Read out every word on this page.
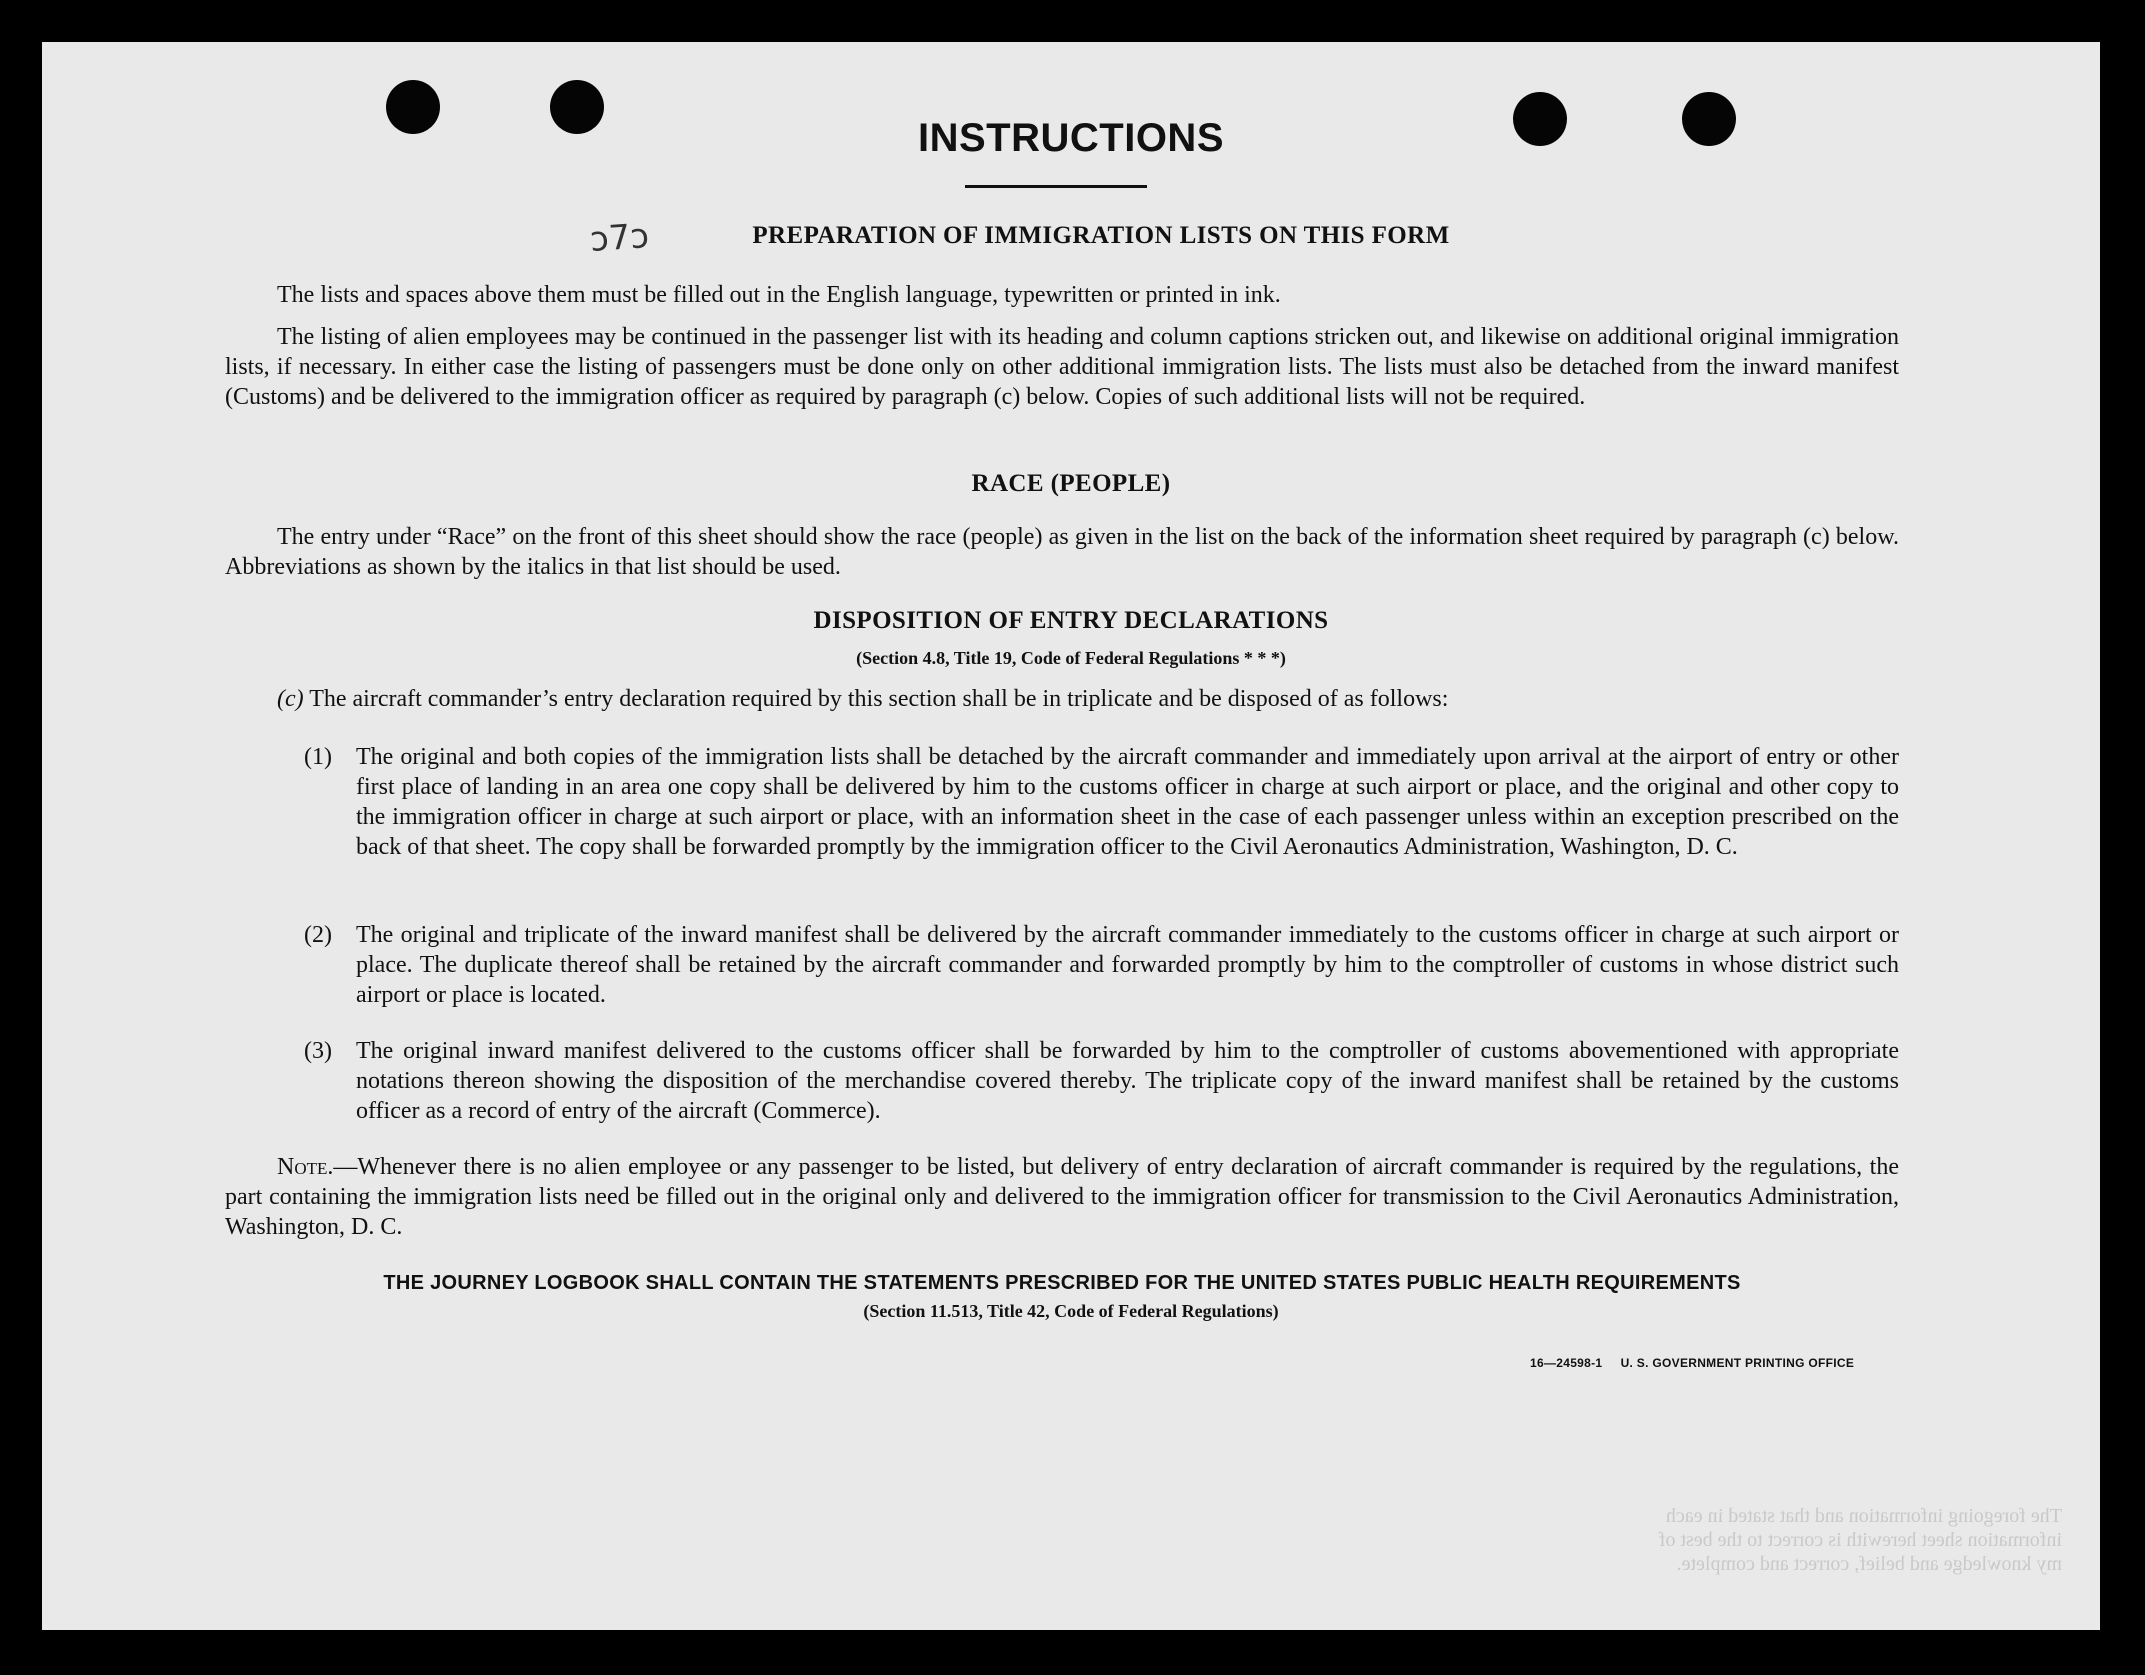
INSTRUCTIONS
ↄ7ↄ	PREPARATION OF IMMIGRATION LISTS ON THIS FORM

The lists and spaces above them must be filled out in the English language, typewritten or printed in ink.

The listing of alien employees may be continued in the passenger list with its heading and column captions stricken out, and likewise on additional original immigration lists, if necessary. In either case the listing of passengers must be done only on other additional immigration lists. The lists must also be detached from the inward manifest (Customs) and be delivered to the immigration officer as required by paragraph (c) below. Copies of such additional lists will not be required.

RACE (PEOPLE)

The entry under “Race” on the front of this sheet should show the race (people) as given in the list on the back of the information sheet required by paragraph (c) below. Abbreviations as shown by the italics in that list should be used.

DISPOSITION OF ENTRY DECLARATIONS
(Section 4.8, Title 19, Code of Federal Regulations * * *)

(c) The aircraft commander’s entry declaration required by this section shall be in triplicate and be disposed of as follows:

(1) The original and both copies of the immigration lists shall be detached by the aircraft commander and immediately upon arrival at the airport of entry or other first place of landing in an area one copy shall be delivered by him to the customs officer in charge at such airport or place, and the original and other copy to the immigration officer in charge at such airport or place, with an information sheet in the case of each passenger unless within an exception prescribed on the back of that sheet. The copy shall be forwarded promptly by the immigration officer to the Civil Aeronautics Administration, Washington, D. C.

(2) The original and triplicate of the inward manifest shall be delivered by the aircraft commander immediately to the customs officer in charge at such airport or place. The duplicate thereof shall be retained by the aircraft commander and forwarded promptly by him to the comptroller of customs in whose district such airport or place is located.

(3) The original inward manifest delivered to the customs officer shall be forwarded by him to the comptroller of customs abovementioned with appropriate notations thereon showing the disposition of the merchandise covered thereby. The triplicate copy of the inward manifest shall be retained by the customs officer as a record of entry of the aircraft (Commerce).

Note.—Whenever there is no alien employee or any passenger to be listed, but delivery of entry declaration of aircraft commander is required by the regulations, the part containing the immigration lists need be filled out in the original only and delivered to the immigration officer for transmission to the Civil Aeronautics Administration, Washington, D. C.

THE JOURNEY LOGBOOK SHALL CONTAIN THE STATEMENTS PRESCRIBED FOR THE UNITED STATES PUBLIC HEALTH REQUIREMENTS

(Section 11.513, Title 42, Code of Federal Regulations)
16—24598-1 U. S. GOVERNMENT PRINTING OFFICE
The foregoing information and that stated in each information sheet herewith is correct to the best of my knowledge and belief, correct and complete.
